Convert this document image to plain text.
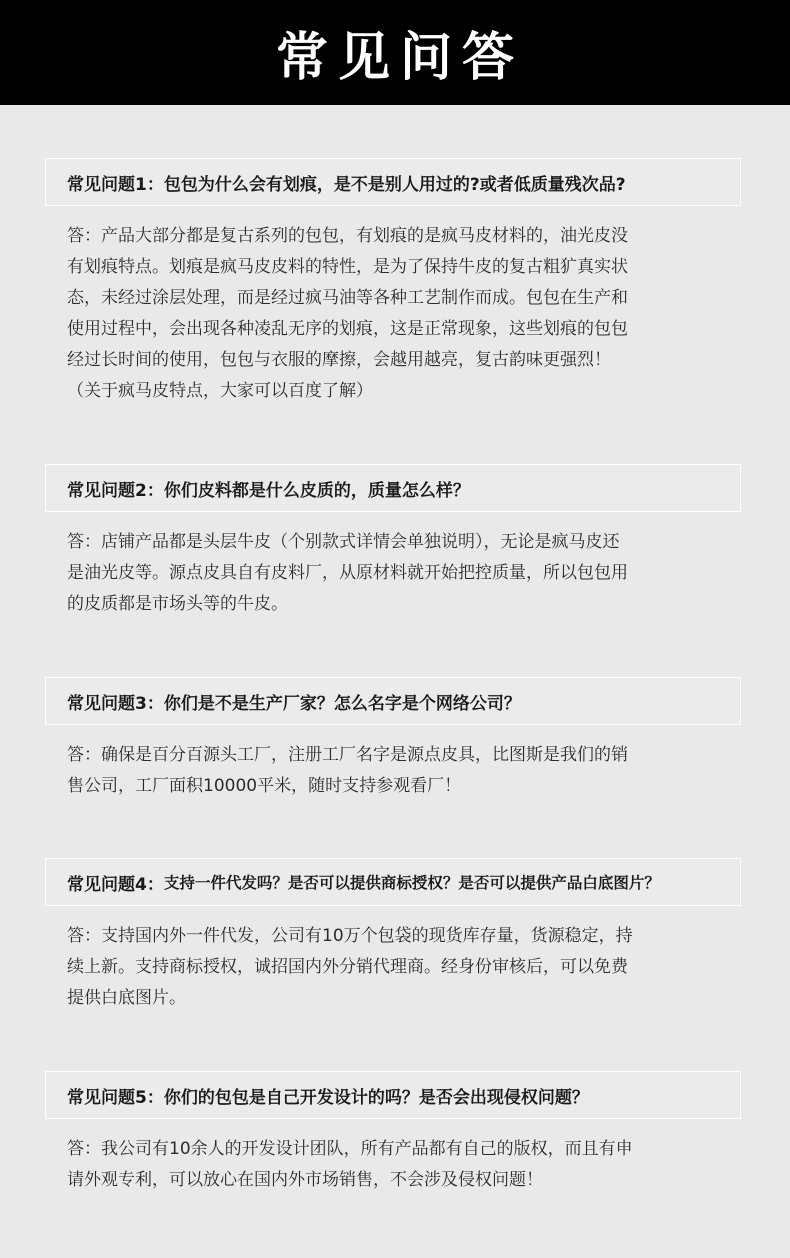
常见问答
常见问题1：包包为什么会有划痕，是不是别人用过的?或者低质量残次品?
答：产品大部分都是复古系列的包包，有划痕的是疯马皮材料的，油光皮没
有划痕特点。划痕是疯马皮皮料的特性，是为了保持牛皮的复古粗犷真实状
态，未经过涂层处理，而是经过疯马油等各种工艺制作而成。包包在生产和
使用过程中，会出现各种凌乱无序的划痕，这是正常现象，这些划痕的包包
经过长时间的使用，包包与衣服的摩擦，会越用越亮，复古韵味更强烈！
（关于疯马皮特点，大家可以百度了解）
常见问题2：你们皮料都是什么皮质的，质量怎么样？
答：店铺产品都是头层牛皮（个别款式详情会单独说明），无论是疯马皮还
是油光皮等。源点皮具自有皮料厂，从原材料就开始把控质量，所以包包用
的皮质都是市场头等的牛皮。
常见问题3：你们是不是生产厂家？怎么名字是个网络公司？
答：确保是百分百源头工厂，注册工厂名字是源点皮具，比图斯是我们的销
售公司，工厂面积10000平米，随时支持参观看厂！
常见问题4： 支持一件代发吗？是否可以提供商标授权？是否可以提供产品白底图片？
答：支持国内外一件代发，公司有10万个包袋的现货库存量，货源稳定，持
续上新。支持商标授权，诚招国内外分销代理商。经身份审核后，可以免费
提供白底图片。
常见问题5：你们的包包是自己开发设计的吗？是否会出现侵权问题？
答：我公司有10余人的开发设计团队，所有产品都有自己的版权，而且有申
请外观专利，可以放心在国内外市场销售，不会涉及侵权问题！
